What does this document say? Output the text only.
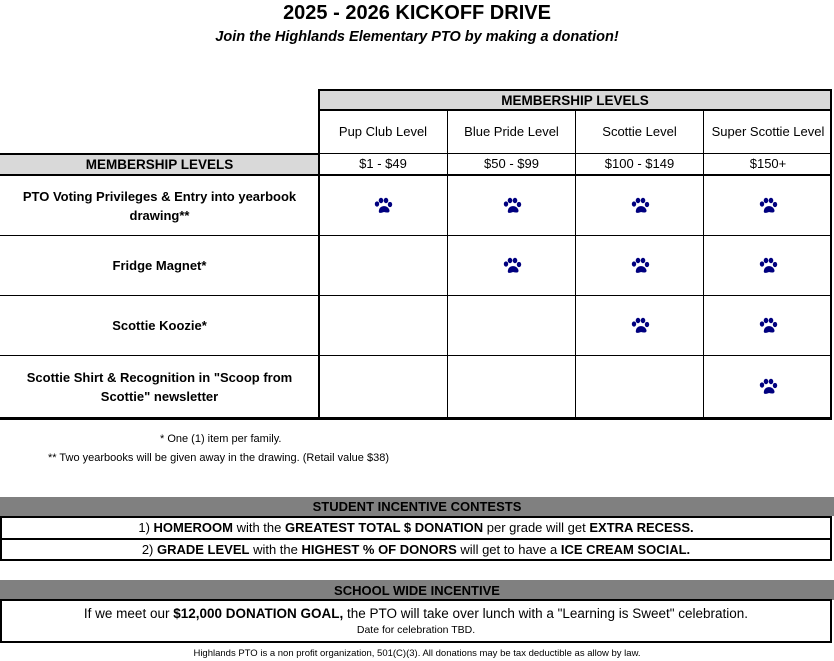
2025 - 2026 KICKOFF DRIVE
Join the Highlands Elementary PTO by making a donation!
MEMBERSHIP LEVELS
Pup Club Level
$1 - $49
Blue Pride Level
$50 - $99
Scottie Level
$100 - $149
Super Scottie Level
$150+
MEMBERSHIP LEVELS
PTO Voting Privileges & Entry into yearbook drawing**
Fridge Magnet*
Scottie Koozie*
Scottie Shirt & Recognition in "Scoop from Scottie" newsletter
* One (1) item per family.
** Two yearbooks will be given away in the drawing. (Retail value $38)
STUDENT INCENTIVE CONTESTS
1) HOMEROOM with the GREATEST TOTAL $ DONATION per grade will get EXTRA RECESS.
2) GRADE LEVEL with the HIGHEST % OF DONORS will get to have a ICE CREAM SOCIAL.
SCHOOL WIDE INCENTIVE
If we meet our $12,000 DONATION GOAL, the PTO will take over lunch with a "Learning is Sweet" celebration.
Date for celebration TBD.
Highlands PTO is a non profit organization, 501(C)(3). All donations may be tax deductible as allow by law.
